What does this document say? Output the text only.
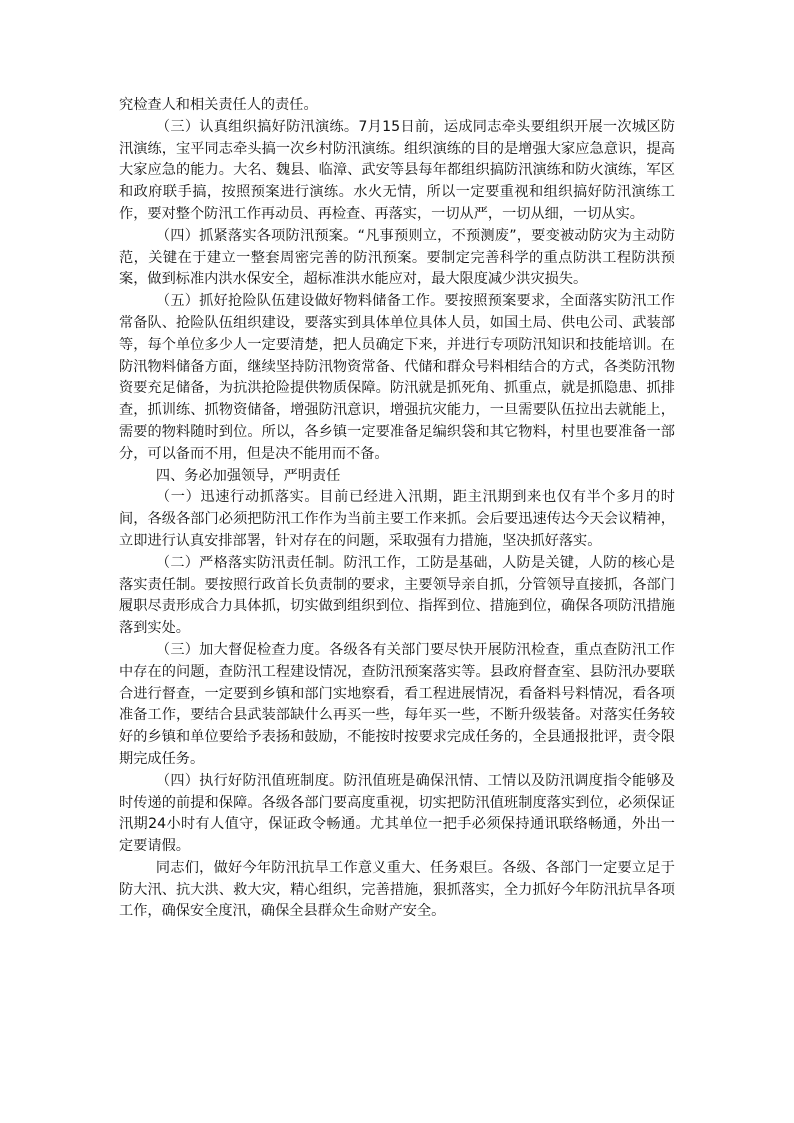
究检查人和相关责任人的责任。

（三）认真组织搞好防汛演练。7月15日前，运成同志牵头要组织开展一次城区防汛演练，宝平同志牵头搞一次乡村防汛演练。组织演练的目的是增强大家应急意识，提高大家应急的能力。大名、魏县、临漳、武安等县每年都组织搞防汛演练和防火演练，军区和政府联手搞，按照预案进行演练。水火无情，所以一定要重视和组织搞好防汛演练工作，要对整个防汛工作再动员、再检查、再落实，一切从严，一切从细，一切从实。

（四）抓紧落实各项防汛预案。“凡事预则立，不预测废”，要变被动防灾为主动防范，关键在于建立一整套周密完善的防汛预案。要制定完善科学的重点防洪工程防洪预案，做到标准内洪水保安全，超标准洪水能应对，最大限度减少洪灾损失。

（五）抓好抢险队伍建设做好物料储备工作。要按照预案要求，全面落实防汛工作常备队、抢险队伍组织建设，要落实到具体单位具体人员，如国土局、供电公司、武装部等，每个单位多少人一定要清楚，把人员确定下来，并进行专项防汛知识和技能培训。在防汛物料储备方面，继续坚持防汛物资常备、代储和群众号料相结合的方式，各类防汛物资要充足储备，为抗洪抢险提供物质保障。防汛就是抓死角、抓重点，就是抓隐患、抓排查，抓训练、抓物资储备，增强防汛意识，增强抗灾能力，一旦需要队伍拉出去就能上，需要的物料随时到位。所以，各乡镇一定要准备足编织袋和其它物料，村里也要准备一部分，可以备而不用，但是决不能用而不备。

四、务必加强领导，严明责任

（一）迅速行动抓落实。目前已经进入汛期，距主汛期到来也仅有半个多月的时间，各级各部门必须把防汛工作作为当前主要工作来抓。会后要迅速传达今天会议精神，立即进行认真安排部署，针对存在的问题，采取强有力措施，坚决抓好落实。

（二）严格落实防汛责任制。防汛工作，工防是基础，人防是关键，人防的核心是落实责任制。要按照行政首长负责制的要求，主要领导亲自抓，分管领导直接抓，各部门履职尽责形成合力具体抓，切实做到组织到位、指挥到位、措施到位，确保各项防汛措施落到实处。

（三）加大督促检查力度。各级各有关部门要尽快开展防汛检查，重点查防汛工作中存在的问题，查防汛工程建设情况，查防汛预案落实等。县政府督查室、县防汛办要联合进行督查，一定要到乡镇和部门实地察看，看工程进展情况，看备料号料情况，看各项准备工作，要结合县武装部缺什么再买一些，每年买一些，不断升级装备。对落实任务较好的乡镇和单位要给予表扬和鼓励，不能按时按要求完成任务的，全县通报批评，责令限期完成任务。

（四）执行好防汛值班制度。防汛值班是确保汛情、工情以及防汛调度指令能够及时传递的前提和保障。各级各部门要高度重视，切实把防汛值班制度落实到位，必须保证汛期24小时有人值守，保证政令畅通。尤其单位一把手必须保持通讯联络畅通，外出一定要请假。

同志们，做好今年防汛抗旱工作意义重大、任务艰巨。各级、各部门一定要立足于防大汛、抗大洪、救大灾，精心组织，完善措施，狠抓落实，全力抓好今年防汛抗旱各项工作，确保安全度汛，确保全县群众生命财产安全。
